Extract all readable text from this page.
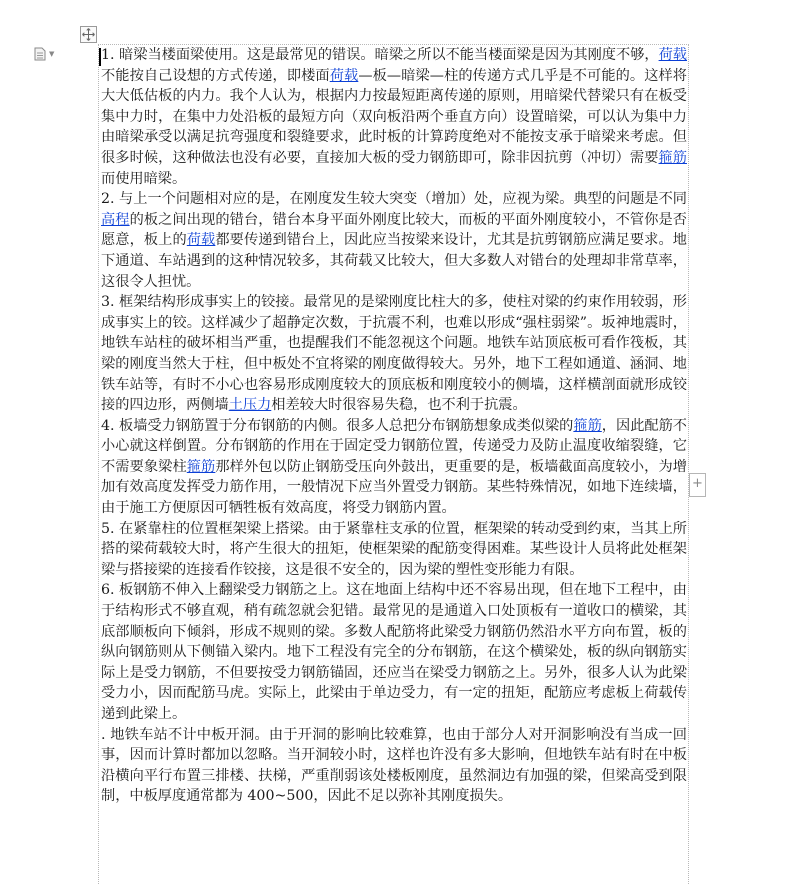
▼
+

1. 暗梁当楼面梁使用。这是最常见的错误。暗梁之所以不能当楼面梁是因为其刚度不够，荷载不能按自己设想的方式传递，即楼面荷载—板—暗梁—柱的传递方式几乎是不可能的。这样将大大低估板的内力。我个人认为，根据内力按最短距离传递的原则，用暗梁代替梁只有在板受集中力时，在集中力处沿板的最短方向（双向板沿两个垂直方向）设置暗梁，可以认为集中力由暗梁承受以满足抗弯强度和裂缝要求，此时板的计算跨度绝对不能按支承于暗梁来考虑。但很多时候，这种做法也没有必要，直接加大板的受力钢筋即可，除非因抗剪（冲切）需要箍筋而使用暗梁。

2. 与上一个问题相对应的是，在刚度发生较大突变（增加）处，应视为梁。典型的问题是不同高程的板之间出现的错台，错台本身平面外刚度比较大，而板的平面外刚度较小，不管你是否愿意，板上的荷载都要传递到错台上，因此应当按梁来设计，尤其是抗剪钢筋应满足要求。地下通道、车站遇到的这种情况较多，其荷载又比较大，但大多数人对错台的处理却非常草率，这很令人担忧。

3. 框架结构形成事实上的铰接。最常见的是梁刚度比柱大的多，使柱对梁的约束作用较弱，形成事实上的铰。这样减少了超静定次数，于抗震不利，也难以形成“强柱弱梁”。坂神地震时，地铁车站柱的破坏相当严重，也提醒我们不能忽视这个问题。地铁车站顶底板可看作筏板，其梁的刚度当然大于柱，但中板处不宜将梁的刚度做得较大。另外，地下工程如通道、涵洞、地铁车站等，有时不小心也容易形成刚度较大的顶底板和刚度较小的侧墙，这样横剖面就形成铰接的四边形，两侧墙土压力相差较大时很容易失稳，也不利于抗震。

4. 板墙受力钢筋置于分布钢筋的内侧。很多人总把分布钢筋想象成类似梁的箍筋，因此配筋不小心就这样倒置。分布钢筋的作用在于固定受力钢筋位置，传递受力及防止温度收缩裂缝，它不需要象梁柱箍筋那样外包以防止钢筋受压向外鼓出，更重要的是，板墙截面高度较小，为增加有效高度发挥受力筋作用，一般情况下应当外置受力钢筋。某些特殊情况，如地下连续墙，由于施工方便原因可牺牲板有效高度，将受力钢筋内置。

5. 在紧靠柱的位置框架梁上搭梁。由于紧靠柱支承的位置，框架梁的转动受到约束，当其上所搭的梁荷载较大时，将产生很大的扭矩，使框架梁的配筋变得困难。某些设计人员将此处框架梁与搭接梁的连接看作铰接，这是很不安全的，因为梁的塑性变形能力有限。

6. 板钢筋不伸入上翻梁受力钢筋之上。这在地面上结构中还不容易出现，但在地下工程中，由于结构形式不够直观，稍有疏忽就会犯错。最常见的是通道入口处顶板有一道收口的横梁，其底部顺板向下倾斜，形成不规则的梁。多数人配筋将此梁受力钢筋仍然沿水平方向布置，板的纵向钢筋则从下侧锚入梁内。地下工程没有完全的分布钢筋，在这个横梁处，板的纵向钢筋实际上是受力钢筋，不但要按受力钢筋锚固，还应当在梁受力钢筋之上。另外，很多人认为此梁受力小，因而配筋马虎。实际上，此梁由于单边受力，有一定的扭矩，配筋应考虑板上荷载传递到此梁上。

. 地铁车站不计中板开洞。由于开洞的影响比较难算，也由于部分人对开洞影响没有当成一回事，因而计算时都加以忽略。当开洞较小时，这样也许没有多大影响，但地铁车站有时在中板沿横向平行布置三排楼、扶梯，严重削弱该处楼板刚度，虽然洞边有加强的梁，但梁高受到限制，中板厚度通常都为 400~500，因此不足以弥补其刚度损失。
